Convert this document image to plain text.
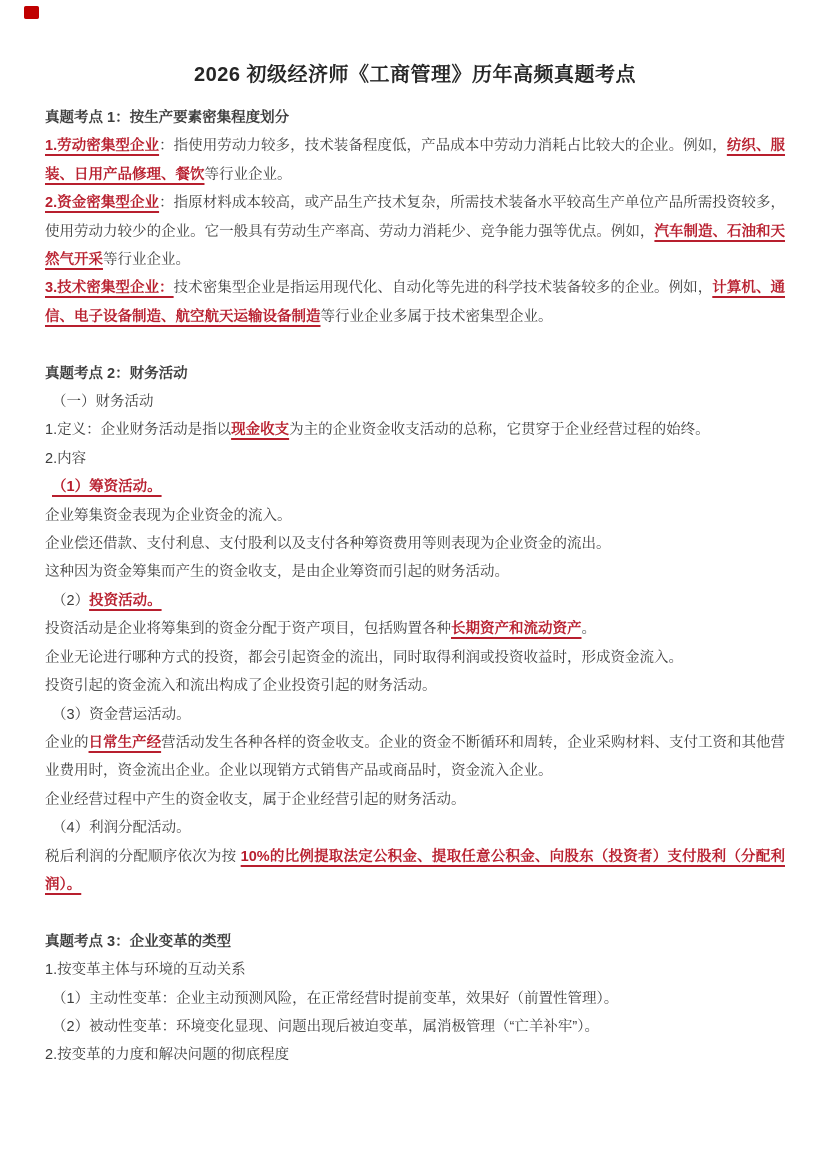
2026 初级经济师《工商管理》历年高频真题考点
真题考点 1：按生产要素密集程度划分
1.劳动密集型企业：指使用劳动力较多，技术装备程度低，产品成本中劳动力消耗占比较大的企业。例如，纺织、服装、日用产品修理、餐饮等行业企业。
2.资金密集型企业：指原材料成本较高，或产品生产技术复杂，所需技术装备水平较高生产单位产品所需投资较多，使用劳动力较少的企业。它一般具有劳动生产率高、劳动力消耗少、竞争能力强等优点。例如，汽车制造、石油和天然气开采等行业企业。
3.技术密集型企业：技术密集型企业是指运用现代化、自动化等先进的科学技术装备较多的企业。例如，计算机、通信、电子设备制造、航空航天运输设备制造等行业企业多属于技术密集型企业。
真题考点 2：财务活动
（一）财务活动
1.定义：企业财务活动是指以现金收支为主的企业资金收支活动的总称，它贯穿于企业经营过程的始终。
2.内容
（1）筹资活动。
企业筹集资金表现为企业资金的流入。
企业偿还借款、支付利息、支付股利以及支付各种筹资费用等则表现为企业资金的流出。
这种因为资金筹集而产生的资金收支，是由企业筹资而引起的财务活动。
（2）投资活动。
投资活动是企业将筹集到的资金分配于资产项目，包括购置各种长期资产和流动资产。
企业无论进行哪种方式的投资，都会引起资金的流出，同时取得利润或投资收益时，形成资金流入。
投资引起的资金流入和流出构成了企业投资引起的财务活动。
（3）资金营运活动。
企业的日常生产经营活动发生各种各样的资金收支。企业的资金不断循环和周转，企业采购材料、支付工资和其他营业费用时，资金流出企业。企业以现销方式销售产品或商品时，资金流入企业。
企业经营过程中产生的资金收支，属于企业经营引起的财务活动。
（4）利润分配活动。
税后利润的分配顺序依次为按 10%的比例提取法定公积金、提取任意公积金、向股东（投资者）支付股利（分配利润）。
真题考点 3：企业变革的类型
1.按变革主体与环境的互动关系
（1）主动性变革：企业主动预测风险，在正常经营时提前变革，效果好（前置性管理）。
（2）被动性变革：环境变化显现、问题出现后被迫变革，属消极管理（“亡羊补牢”）。
2.按变革的力度和解决问题的彻底程度
